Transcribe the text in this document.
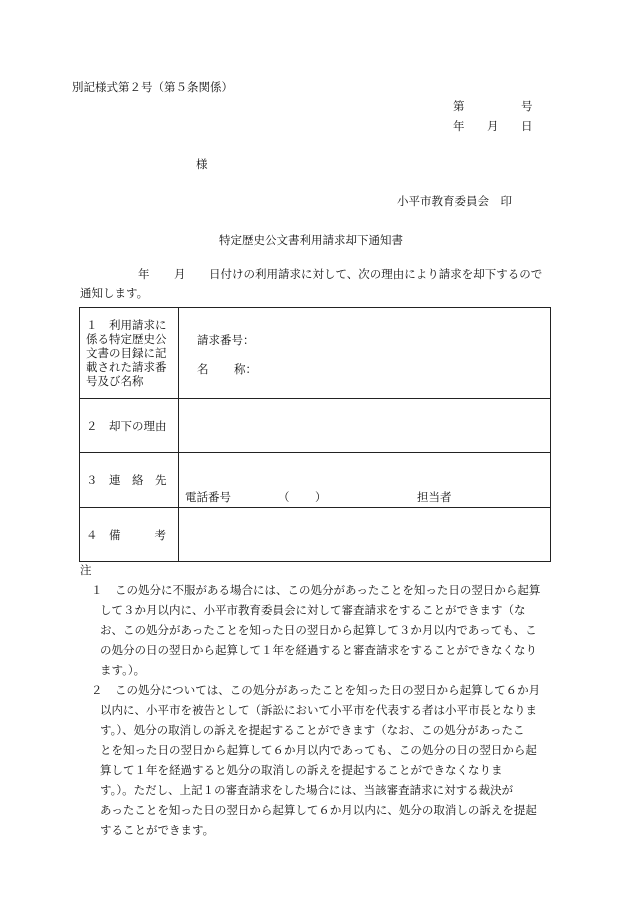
別記様式第２号（第５条関係）
第	号
年 月 日
様
小平市教育委員会　印
特定歴史公文書利用請求却下通知書
年 月 日付けの利用請求に対して、次の理由により請求を却下するので
通知します。
１　利用請求に係る特定歴史公文書の目録に記載された請求番号及び名称	請求番号：
名 称：

２　却下の理由	
３　連　絡　先	電話番号 （ ） 担当者

４　備 考	

注
１ この処分に不服がある場合には、この処分があったことを知った日の翌日から起算
して３か月以内に、小平市教育委員会に対して審査請求をすることができます（な
お、この処分があったことを知った日の翌日から起算して３か月以内であっても、こ
の処分の日の翌日から起算して１年を経過すると審査請求をすることができなくなり
ます。）。
２ この処分については、この処分があったことを知った日の翌日から起算して６か月
以内に、小平市を被告として（訴訟において小平市を代表する者は小平市長となりま
す。）、処分の取消しの訴えを提起することができます（なお、この処分があったこ
とを知った日の翌日から起算して６か月以内であっても、この処分の日の翌日から起
算して１年を経過すると処分の取消しの訴えを提起することができなくなりま
す。）。ただし、上記１の審査請求をした場合には、当該審査請求に対する裁決が
あったことを知った日の翌日から起算して６か月以内に、処分の取消しの訴えを提起
することができます。
